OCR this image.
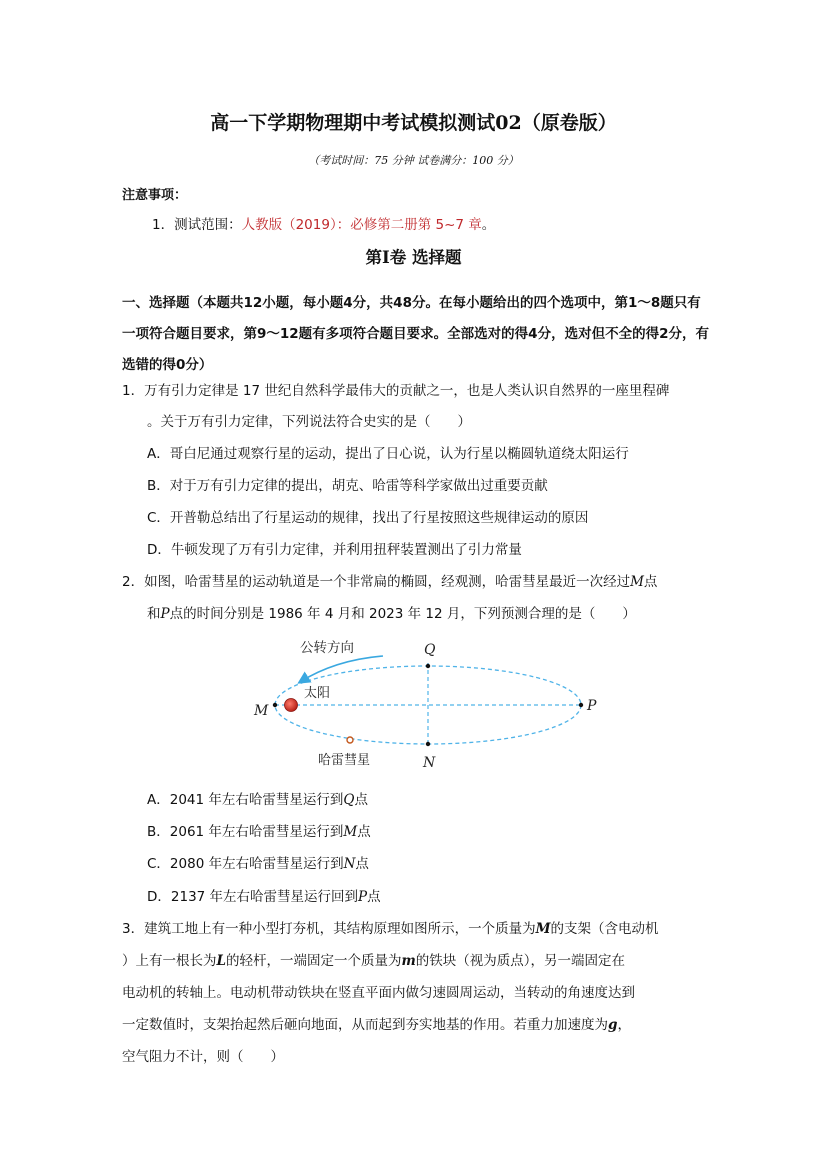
高一下学期物理期中考试模拟测试02（原卷版）
（考试时间：75 分钟 试卷满分：100 分）
注意事项：
1．测试范围：人教版（2019）：必修第二册第 5~7 章。
第Ⅰ卷 选择题
一、选择题（本题共12小题，每小题4分，共48分。在每小题给出的四个选项中，第1～8题只有一项符合题目要求，第9～12题有多项符合题目要求。全部选对的得4分，选对但不全的得2分，有选错的得0分）
1．万有引力定律是 17 世纪自然科学最伟大的贡献之一，也是人类认识自然界的一座里程碑
。关于万有引力定律，下列说法符合史实的是（　　）
A．哥白尼通过观察行星的运动，提出了日心说，认为行星以椭圆轨道绕太阳运行
B．对于万有引力定律的提出，胡克、哈雷等科学家做出过重要贡献
C．开普勒总结出了行星运动的规律，找出了行星按照这些规律运动的原因
D．牛顿发现了万有引力定律，并利用扭秤装置测出了引力常量
2．如图，哈雷彗星的运动轨道是一个非常扁的椭圆，经观测，哈雷彗星最近一次经过M点
和P点的时间分别是 1986 年 4 月和 2023 年 12 月，下列预测合理的是（　　）
公转方向
太阳
哈雷彗星
M	P
Q
N
A．2041 年左右哈雷彗星运行到Q点
B．2061 年左右哈雷彗星运行到M点
C．2080 年左右哈雷彗星运行到N点
D．2137 年左右哈雷彗星运行回到P点
3．建筑工地上有一种小型打夯机，其结构原理如图所示，一个质量为M的支架（含电动机
）上有一根长为L的轻杆，一端固定一个质量为m的铁块（视为质点），另一端固定在
电动机的转轴上。电动机带动铁块在竖直平面内做匀速圆周运动，当转动的角速度达到
一定数值时，支架抬起然后砸向地面，从而起到夯实地基的作用。若重力加速度为g，
空气阻力不计，则（　　）
